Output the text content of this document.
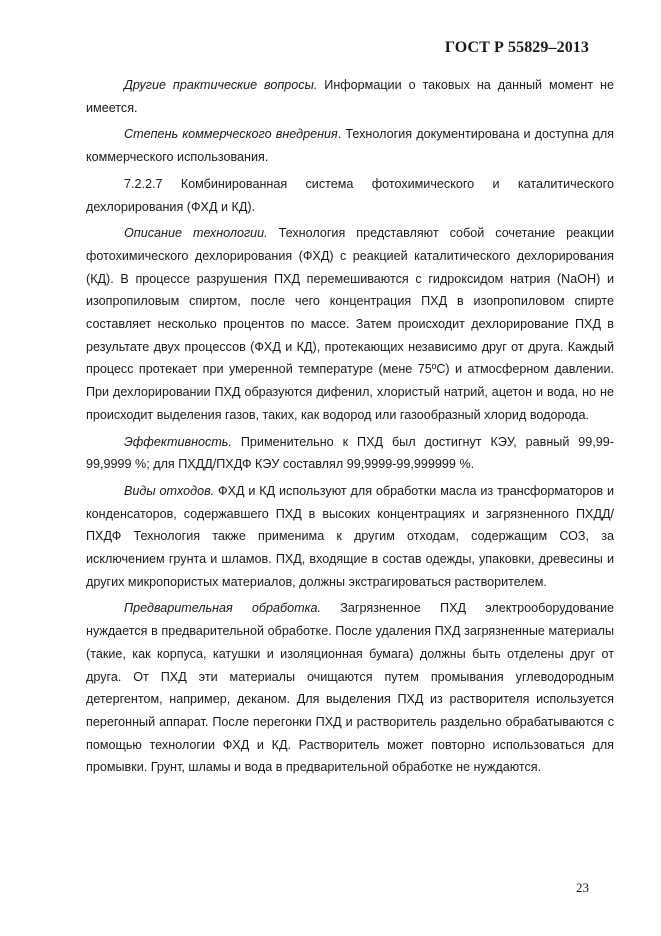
ГОСТ Р 55829–2013

Другие практические вопросы. Информации о таковых на данный момент не имеется.

Степень коммерческого внедрения. Технология документирована и доступна для коммерческого использования.

7.2.2.7 Комбинированная система фотохимического и каталитического дехлорирования (ФХД и КД).

Описание технологии. Технология представляют собой сочетание реакции фотохимического дехлорирования (ФХД) с реакцией каталитического дехлорирования (КД). В процессе разрушения ПХД перемешиваются с гидроксидом натрия (NaOH) и изопропиловым спиртом, после чего концентрация ПХД в изопропиловом спирте составляет несколько процентов по массе. Затем происходит дехлорирование ПХД в результате двух процессов (ФХД и КД), протекающих независимо друг от друга. Каждый процесс протекает при умеренной температуре (мене 75ºC) и атмосферном давлении. При дехлорировании ПХД образуются дифенил, хлористый натрий, ацетон и вода, но не происходит выделения газов, таких, как водород или газообразный хлорид водорода.

Эффективность. Применительно к ПХД был достигнут КЭУ, равный 99,99-99,9999 %; для ПХДД/ПХДФ КЭУ составлял 99,9999-99,999999 %.

Виды отходов. ФХД и КД используют для обработки масла из трансформаторов и конденсаторов, содержавшего ПХД в высоких концентрациях и загрязненного ПХДД/ПХДФ Технология также применима к другим отходам, содержащим СОЗ, за исключением грунта и шламов. ПХД, входящие в состав одежды, упаковки, древесины и других микропористых материалов, должны экстрагироваться растворителем.

Предварительная обработка. Загрязненное ПХД электрооборудование нуждается в предварительной обработке. После удаления ПХД загрязненные материалы (такие, как корпуса, катушки и изоляционная бумага) должны быть отделены друг от друга. От ПХД эти материалы очищаются путем промывания углеводородным детергентом, например, деканом. Для выделения ПХД из растворителя используется перегонный аппарат. После перегонки ПХД и растворитель раздельно обрабатываются с помощью технологии ФХД и КД. Растворитель может повторно использоваться для промывки. Грунт, шламы и вода в предварительной обработке не нуждаются.

23
